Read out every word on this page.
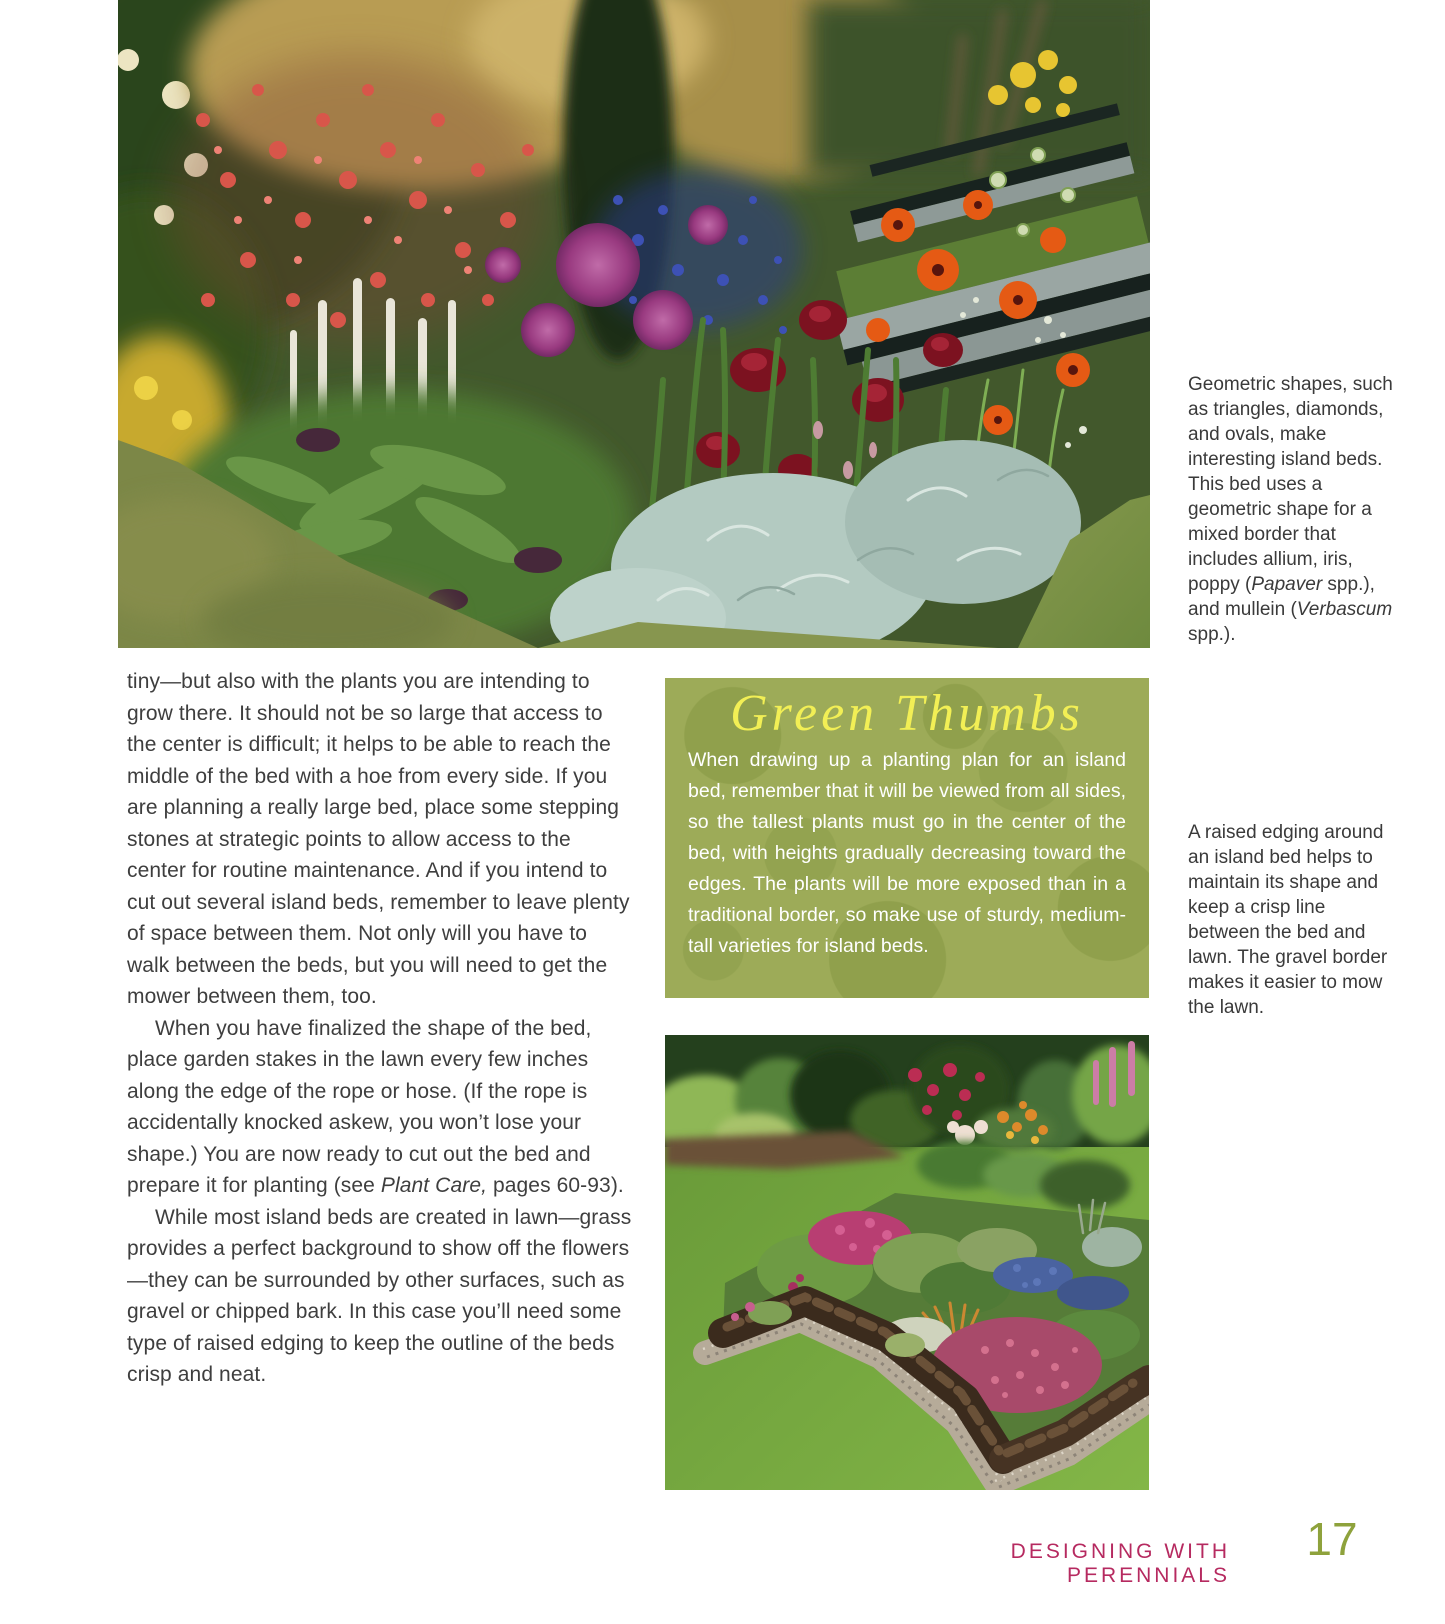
Geometric shapes, such as triangles, diamonds, and ovals, make interesting island beds. This bed uses a geometric shape for a mixed border that includes allium, iris, poppy (Papaver spp.), and mullein (Verbascum spp.).

tiny—but also with the plants you are intending to grow there. It should not be so large that access to the center is difficult; it helps to be able to reach the middle of the bed with a hoe from every side. If you are planning a really large bed, place some stepping stones at strategic points to allow access to the center for routine maintenance. And if you intend to cut out several island beds, remember to leave plenty of space between them. Not only will you have to walk between the beds, but you will need to get the mower between them, too.

When you have finalized the shape of the bed, place garden stakes in the lawn every few inches along the edge of the rope or hose. (If the rope is accidentally knocked askew, you won’t lose your shape.) You are now ready to cut out the bed and prepare it for planting (see Plant Care, pages 60-93).

While most island beds are created in lawn—grass provides a perfect background to show off the flowers—they can be surrounded by other surfaces, such as gravel or chipped bark. In this case you’ll need some type of raised edging to keep the outline of the beds crisp and neat.

Green Thumbs

When drawing up a planting plan for an island bed, remember that it will be viewed from all sides, so the tallest plants must go in the center of the bed, with heights gradually decreasing toward the edges. The plants will be more exposed than in a traditional border, so make use of sturdy, medium-tall varieties for island beds.

A raised edging around an island bed helps to maintain its shape and keep a crisp line between the bed and lawn. The gravel border makes it easier to mow the lawn.

DESIGNING WITH PERENNIALS
17
